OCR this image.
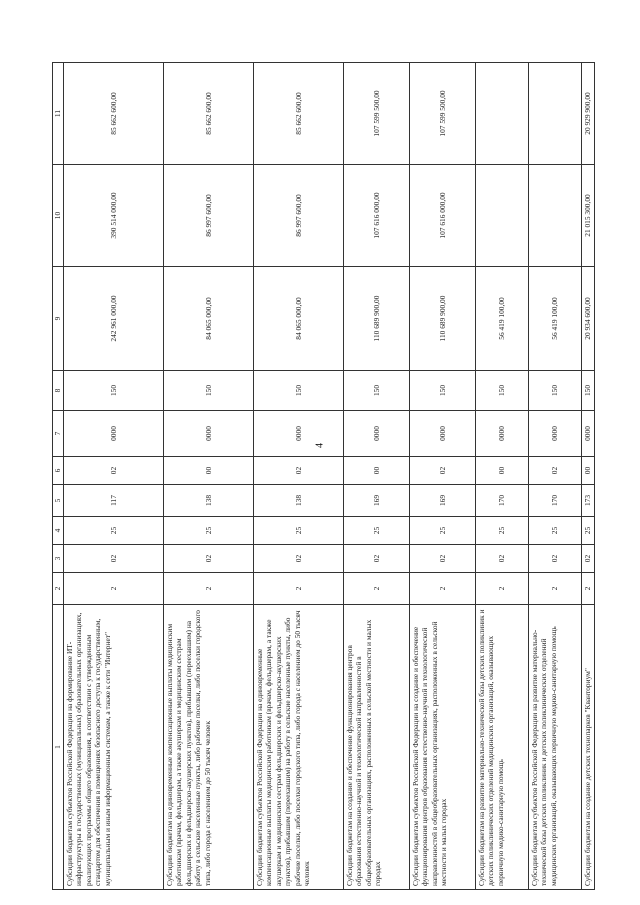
4
1	2	3	4	5	6	7	8	9	10	11
Субсидии бюджетам субъектов Российской Федерации на формирование ИТ-инфраструктуры в государственных (муниципальных) образовательных организациях, реализующих программы общего образования, в соответствии с утвержденным стандартом для обеспечения в помещениях безопасного доступа к государственным, муниципальным и иным информационным системам, а также к сети "Интернет"	2	02	25	117	02	0000	150	242 961 000,00	390 514 000,00	85 662 600,00
Субсидии бюджетам на единовременные компенсационные выплаты медицинским работникам (врачам, фельдшерам, а также акушеркам и медицинским сестрам фельдшерских и фельдшерско-акушерских пунктов), прибывшим (переехавшим) на работу в сельские населенные пункты, либо рабочие поселки, либо поселки городского типа, либо города с населением до 50 тысяч человек	2	02	25	138	00	0000	150	84 065 000,00	86 997 600,00	85 662 600,00
Субсидии бюджетам субъектов Российской Федерации на единовременные компенсационные выплаты медицинским работникам (врачам, фельдшерам, а также акушеркам и медицинским сестрам фельдшерских и фельдшерско-акушерских пунктов), прибывшим (переехавшим) на работу в сельские населенные пункты, либо рабочие поселки, либо поселки городского типа, либо города с населением до 50 тысяч человек	2	02	25	138	02	0000	150	84 065 000,00	86 997 600,00	85 662 600,00
Субсидии бюджетам на создание и обеспечение функционирования центров образования естественно-научной и технологической направленностей в общеобразовательных организациях, расположенных в сельской местности и малых городах	2	02	25	169	00	0000	150	110 689 900,00	107 616 000,00	107 599 500,00
Субсидии бюджетам субъектов Российской Федерации на создание и обеспечение функционирования центров образования естественно-научной и технологической направленностей в общеобразовательных организациях, расположенных в сельской местности и малых городах	2	02	25	169	02	0000	150	110 689 900,00	107 616 000,00	107 599 500,00
Субсидии бюджетам на развитие материально-технической базы детских поликлиник и детских поликлинических отделений медицинских организаций, оказывающих первичную медико-санитарную помощь	2	02	25	170	00	0000	150	56 419 100,00		
Субсидии бюджетам субъектов Российской Федерации на развитие материально-технической базы детских поликлиник и детских поликлинических отделений медицинских организаций, оказывающих первичную медико-санитарную помощь	2	02	25	170	02	0000	150	56 419 100,00		
Субсидии бюджетам на создание детских технопарков "Кванториум"	2	02	25	173	00	0000	150	20 934 600,00	21 015 300,00	20 929 900,00
